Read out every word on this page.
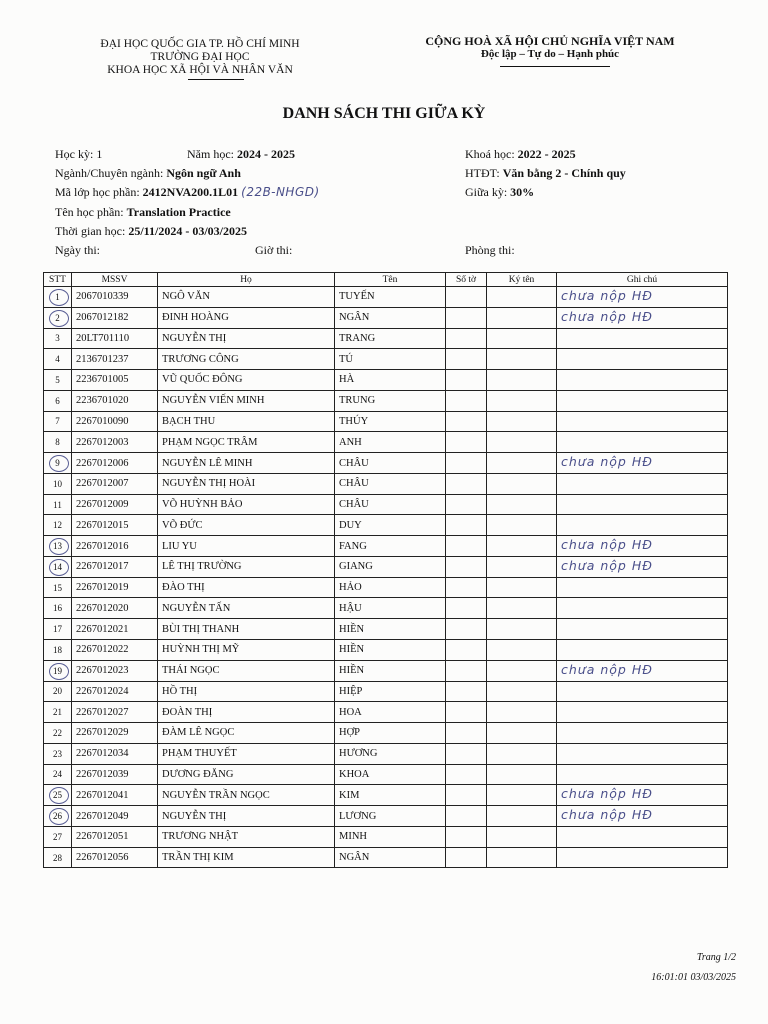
ĐẠI HỌC QUỐC GIA TP. HỒ CHÍ MINH
TRƯỜNG ĐẠI HỌC
KHOA HỌC XÃ HỘI VÀ NHÂN VĂN
CỘNG HOÀ XÃ HỘI CHỦ NGHĨA VIỆT NAM
Độc lập – Tự do – Hạnh phúc
DANH SÁCH THI GIỮA KỲ
Học kỳ: 1	Năm học: 2024 - 2025	Khoá học: 2022 - 2025
Ngành/Chuyên ngành: Ngôn ngữ Anh	HTĐT: Văn bằng 2 - Chính quy
Mã lớp học phần: 2412NVA200.1L01 (22B-NHGD)	Giữa kỳ: 30%
Tên học phần: Translation Practice
Thời gian học: 25/11/2024 - 03/03/2025
Ngày thi:	Giờ thi:	Phòng thi:
STT	MSSV	Họ	Tên	Số tờ	Ký tên	Ghi chú
1	2067010339	NGÔ VĂN	TUYẾN			chưa nộp HĐ

2	2067012182	ĐINH HOÀNG	NGÂN			chưa nộp HĐ

3	20LT701110	NGUYỄN THỊ	TRANG			
4	2136701237	TRƯƠNG CÔNG	TÚ			
5	2236701005	VŨ QUỐC ĐÔNG	HÀ			
6	2236701020	NGUYỄN VIẾN MINH	TRUNG			
7	2267010090	BẠCH THU	THÚY			
8	2267012003	PHẠM NGỌC TRÂM	ANH			
9	2267012006	NGUYỄN LÊ MINH	CHÂU			chưa nộp HĐ

10	2267012007	NGUYỄN THỊ HOÀI	CHÂU			
11	2267012009	VÕ HUỲNH BẢO	CHÂU			
12	2267012015	VÕ ĐỨC	DUY			
13	2267012016	LIU YU	FANG			chưa nộp HĐ

14	2267012017	LÊ THỊ TRƯỜNG	GIANG			chưa nộp HĐ

15	2267012019	ĐÀO THỊ	HẢO			
16	2267012020	NGUYỄN TẤN	HẬU			
17	2267012021	BÙI THỊ THANH	HIỀN			
18	2267012022	HUỲNH THỊ MỸ	HIỀN			
19	2267012023	THÁI NGỌC	HIỀN			chưa nộp HĐ

20	2267012024	HỒ THỊ	HIỆP			
21	2267012027	ĐOÀN THỊ	HOA			
22	2267012029	ĐÀM LÊ NGỌC	HỢP			
23	2267012034	PHẠM THUYẾT	HƯƠNG			
24	2267012039	DƯƠNG ĐĂNG	KHOA			
25	2267012041	NGUYỄN TRẦN NGỌC	KIM			chưa nộp HĐ

26	2267012049	NGUYỄN THỊ	LƯƠNG			chưa nộp HĐ

27	2267012051	TRƯƠNG NHẬT	MINH			
28	2267012056	TRẦN THỊ KIM	NGÂN			
Trang 1/2
16:01:01 03/03/2025
